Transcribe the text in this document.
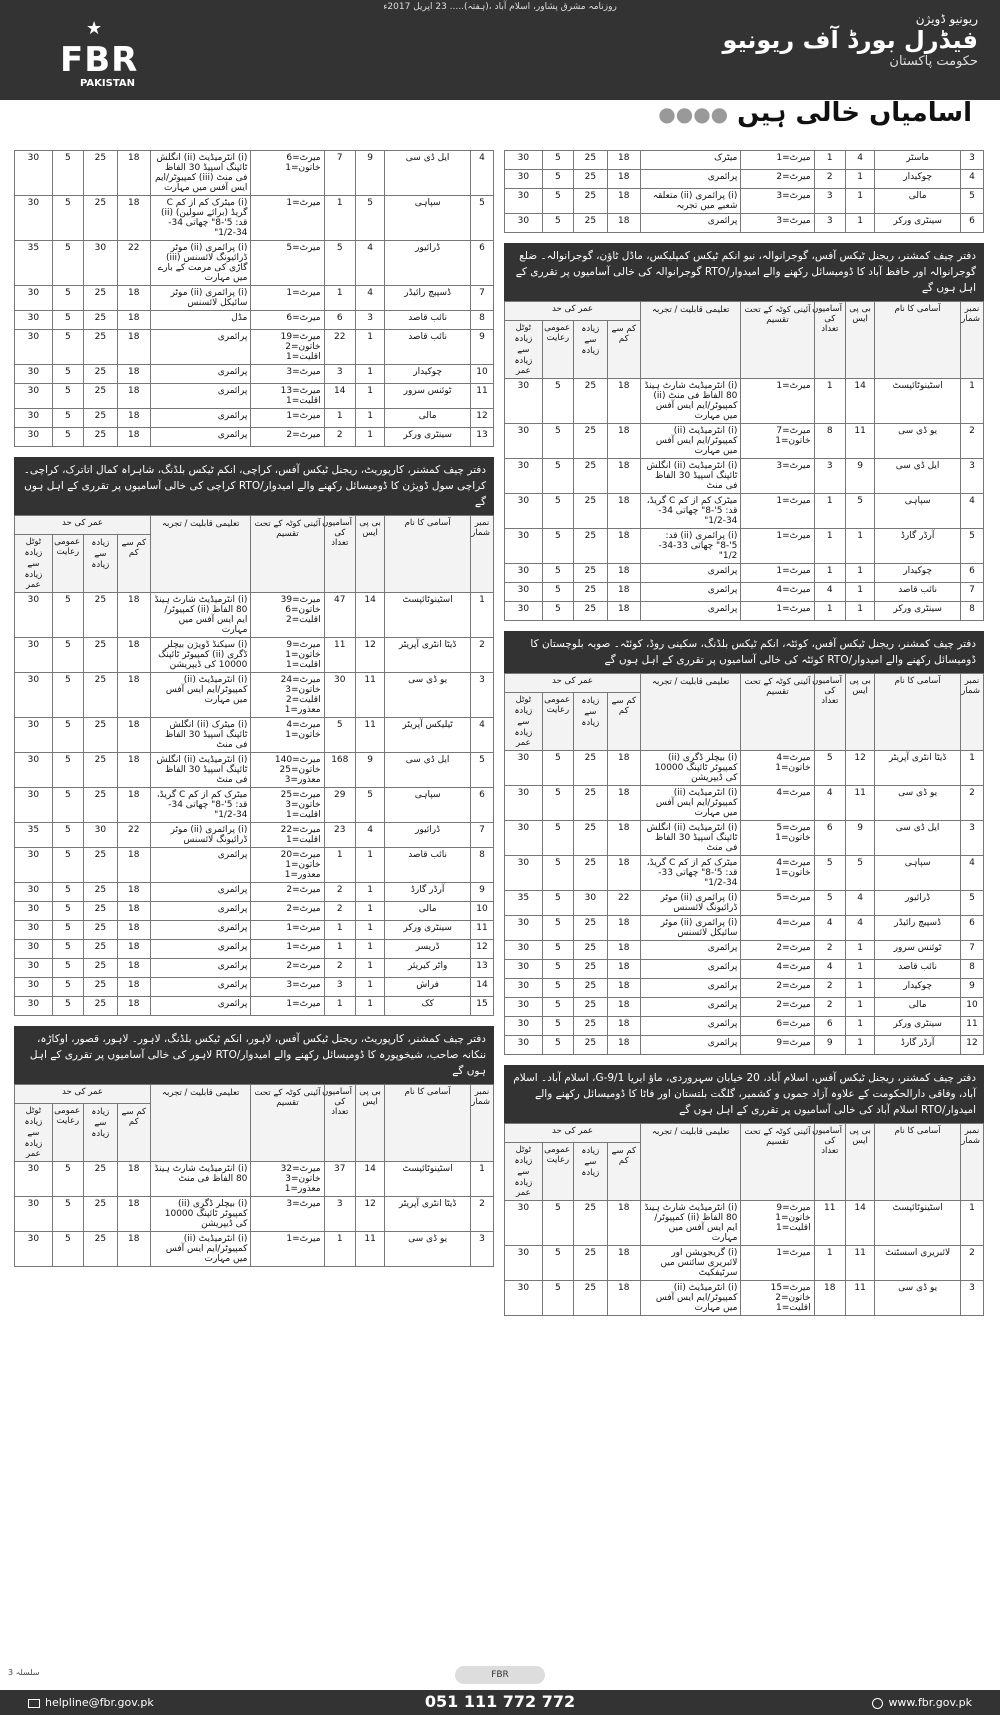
روزنامہ مشرق پشاور، اسلام آباد ،(ہفتہ)..... 23 اپریل 2017ء
★
FBR
PAKISTAN
ریونیو ڈویژن
فیڈرل بورڈ آف ریونیو
حکومت پاکستان
●●●● اسامیاں خالی ہیں
4	ایل ڈی سی	9	7	میرٹ=6 خاتون=1	(i) انٹرمیڈیٹ (ii) انگلش ٹائپنگ اسپیڈ 30 الفاظ فی منٹ (iii) کمپیوٹر/ایم ایس آفس میں مہارت	18	25	5	30
5	سپاہی	5	1	میرٹ=1	(i) میٹرک کم از کم C گریڈ (برائے سولین) (ii) قد: 5'-8" چھاتی 34-34-1/2"	18	25	5	30
6	ڈرائیور	4	5	میرٹ=5	(i) پرائمری (ii) موٹر ڈرائیونگ لائسنس (iii) گاڑی کی مرمت کے بارے میں مہارت	22	30	5	35
7	ڈسپیچ رائیڈر	4	1	میرٹ=1	(i) پرائمری (ii) موٹر سائیکل لائسنس	18	25	5	30
8	نائب قاصد	3	6	میرٹ=6	مڈل	18	25	5	30
9	نائب قاصد	1	22	میرٹ=19 خاتون=2 اقلیت=1	پرائمری	18	25	5	30
10	چوکیدار	1	3	میرٹ=3	پرائمری	18	25	5	30
11	ٹوئنس سرور	1	14	میرٹ=13 اقلیت=1	پرائمری	18	25	5	30
12	مالی	1	1	میرٹ=1	پرائمری	18	25	5	30
13	سینٹری ورکر	1	2	میرٹ=2	پرائمری	18	25	5	30
دفتر چیف کمشنر، کارپوریٹ، ریجنل ٹیکس آفس، کراچی، انکم ٹیکس بلڈنگ، شاہراہ کمال اتاترک، کراچی۔ کراچی سول ڈویژن کا ڈومیسائل رکھنے والے امیدوار/RTO کراچی کی خالی آسامیوں پر تقرری کے اہل ہوں گے
نمبر شمار	آسامی کا نام	بی پی ایس	آسامیوں کی تعداد	آئینی کوٹہ کے تحت تقسیم	تعلیمی قابلیت / تجربہ	عمر کی حد			
						کم سے کم	زیادہ سے زیادہ	عمومی رعایت	ٹوٹل زیادہ سے زیادہ عمر
1	اسٹینوٹائپسٹ	14	47	میرٹ=39 خاتون=6 اقلیت=2	(i) انٹرمیڈیٹ شارٹ ہینڈ 80 الفاظ (ii) کمپیوٹر/ایم ایس آفس میں مہارت	18	25	5	30
2	ڈیٹا انٹری آپریٹر	12	11	میرٹ=9 خاتون=1 اقلیت=1	(i) سیکنڈ ڈویژن بیچلر ڈگری (ii) کمپیوٹر ٹائپنگ 10000 کی ڈیپریشن	18	25	5	30
3	یو ڈی سی	11	30	میرٹ=24 خاتون=3 اقلیت=2 معذور=1	(i) انٹرمیڈیٹ (ii) کمپیوٹر/ایم ایس آفس میں مہارت	18	25	5	30
4	ٹیلیکس آپریٹر	11	5	میرٹ=4 خاتون=1	(i) میٹرک (ii) انگلش ٹائپنگ اسپیڈ 30 الفاظ فی منٹ	18	25	5	30
5	ایل ڈی سی	9	168	میرٹ=140 خاتون=25 معذور=3	(i) انٹرمیڈیٹ (ii) انگلش ٹائپنگ اسپیڈ 30 الفاظ فی منٹ	18	25	5	30
6	سپاہی	5	29	میرٹ=25 خاتون=3 اقلیت=1	میٹرک کم از کم C گریڈ، قد: 5'-8" چھاتی 34-34-1/2"	18	25	5	30
7	ڈرائیور	4	23	میرٹ=22 اقلیت=1	(i) پرائمری (ii) موٹر ڈرائیونگ لائسنس	22	30	5	35
8	نائب قاصد	1	1	میرٹ=20 خاتون=1 معذور=1	پرائمری	18	25	5	30
9	آرڈر گارڈ	1	2	میرٹ=2	پرائمری	18	25	5	30
10	مالی	1	2	میرٹ=2	پرائمری	18	25	5	30
11	سینٹری ورکر	1	1	میرٹ=1	پرائمری	18	25	5	30
12	ڈریسر	1	1	میرٹ=1	پرائمری	18	25	5	30
13	واٹر کیریئر	1	2	میرٹ=2	پرائمری	18	25	5	30
14	فراش	1	3	میرٹ=3	پرائمری	18	25	5	30
15	کک	1	1	میرٹ=1	پرائمری	18	25	5	30
دفتر چیف کمشنر، کارپوریٹ، ریجنل ٹیکس آفس، لاہور، انکم ٹیکس بلڈنگ، لاہور۔ لاہور، قصور، اوکاڑہ، ننکانہ صاحب، شیخوپورہ کا ڈومیسائل رکھنے والے امیدوار/RTO لاہور کی خالی آسامیوں پر تقرری کے اہل ہوں گے
نمبر شمار	آسامی کا نام	بی پی ایس	آسامیوں کی تعداد	آئینی کوٹہ کے تحت تقسیم	تعلیمی قابلیت / تجربہ	عمر کی حد			
						کم سے کم	زیادہ سے زیادہ	عمومی رعایت	ٹوٹل زیادہ سے زیادہ عمر
1	اسٹینوٹائپسٹ	14	37	میرٹ=32 خاتون=3 معذور=1	(i) انٹرمیڈیٹ شارٹ ہینڈ 80 الفاظ فی منٹ	18	25	5	30
2	ڈیٹا انٹری آپریٹر	12	3	میرٹ=3	(i) بیچلر ڈگری (ii) کمپیوٹر ٹائپنگ 10000 کی ڈیپریشن	18	25	5	30
3	یو ڈی سی	11	1	میرٹ=1	(i) انٹرمیڈیٹ (ii) کمپیوٹر/ایم ایس آفس میں مہارت	18	25	5	30
3	ماسٹر	4	1	میرٹ=1	میٹرک	18	25	5	30
4	چوکیدار	1	2	میرٹ=2	پرائمری	18	25	5	30
5	مالی	1	3	میرٹ=3	(i) پرائمری (ii) متعلقہ شعبے میں تجربہ	18	25	5	30
6	سینٹری ورکر	1	3	میرٹ=3	پرائمری	18	25	5	30
دفتر چیف کمشنر، ریجنل ٹیکس آفس، گوجرانوالہ، نیو انکم ٹیکس کمپلیکس، ماڈل ٹاؤن، گوجرانوالہ۔ ضلع گوجرانوالہ اور حافظ آباد کا ڈومیسائل رکھنے والے امیدوار/RTO گوجرانوالہ کی خالی آسامیوں پر تقرری کے اہل ہوں گے
نمبر شمار	آسامی کا نام	بی پی ایس	آسامیوں کی تعداد	آئینی کوٹہ کے تحت تقسیم	تعلیمی قابلیت / تجربہ	عمر کی حد			
						کم سے کم	زیادہ سے زیادہ	عمومی رعایت	ٹوٹل زیادہ سے زیادہ عمر
1	اسٹینوٹائپسٹ	14	1	میرٹ=1	(i) انٹرمیڈیٹ شارٹ ہینڈ 80 الفاظ فی منٹ (ii) کمپیوٹر/ایم ایس آفس میں مہارت	18	25	5	30
2	یو ڈی سی	11	8	میرٹ=7 خاتون=1	(i) انٹرمیڈیٹ (ii) کمپیوٹر/ایم ایس آفس میں مہارت	18	25	5	30
3	ایل ڈی سی	9	3	میرٹ=3	(i) انٹرمیڈیٹ (ii) انگلش ٹائپنگ اسپیڈ 30 الفاظ فی منٹ	18	25	5	30
4	سپاہی	5	1	میرٹ=1	میٹرک کم از کم C گریڈ، قد: 5'-8" چھاتی 34-34-1/2"	18	25	5	30
5	آرڈر گارڈ	1	1	میرٹ=1	(i) پرائمری (ii) قد: 5'-8" چھاتی 33-34-1/2"	18	25	5	30
6	چوکیدار	1	1	میرٹ=1	پرائمری	18	25	5	30
7	نائب قاصد	1	4	میرٹ=4	پرائمری	18	25	5	30
8	سینٹری ورکر	1	1	میرٹ=1	پرائمری	18	25	5	30
دفتر چیف کمشنر، ریجنل ٹیکس آفس، کوئٹہ، انکم ٹیکس بلڈنگ، سکینی روڈ، کوئٹہ۔ صوبہ بلوچستان کا ڈومیسائل رکھنے والے امیدوار/RTO کوئٹہ کی خالی آسامیوں پر تقرری کے اہل ہوں گے
نمبر شمار	آسامی کا نام	بی پی ایس	آسامیوں کی تعداد	آئینی کوٹہ کے تحت تقسیم	تعلیمی قابلیت / تجربہ	عمر کی حد			
						کم سے کم	زیادہ سے زیادہ	عمومی رعایت	ٹوٹل زیادہ سے زیادہ عمر
1	ڈیٹا انٹری آپریٹر	12	5	میرٹ=4 خاتون=1	(i) بیچلر ڈگری (ii) کمپیوٹر ٹائپنگ 10000 کی ڈیپریشن	18	25	5	30
2	یو ڈی سی	11	4	میرٹ=4	(i) انٹرمیڈیٹ (ii) کمپیوٹر/ایم ایس آفس میں مہارت	18	25	5	30
3	ایل ڈی سی	9	6	میرٹ=5 خاتون=1	(i) انٹرمیڈیٹ (ii) انگلش ٹائپنگ اسپیڈ 30 الفاظ فی منٹ	18	25	5	30
4	سپاہی	5	5	میرٹ=4 خاتون=1	میٹرک کم از کم C گریڈ، قد: 5'-8" چھاتی 33-34-1/2"	18	25	5	30
5	ڈرائیور	4	5	میرٹ=5	(i) پرائمری (ii) موٹر ڈرائیونگ لائسنس	22	30	5	35
6	ڈسپیچ رائیڈر	4	4	میرٹ=4	(i) پرائمری (ii) موٹر سائیکل لائسنس	18	25	5	30
7	ٹوئنس سرور	1	2	میرٹ=2	پرائمری	18	25	5	30
8	نائب قاصد	1	4	میرٹ=4	پرائمری	18	25	5	30
9	چوکیدار	1	2	میرٹ=2	پرائمری	18	25	5	30
10	مالی	1	2	میرٹ=2	پرائمری	18	25	5	30
11	سینٹری ورکر	1	6	میرٹ=6	پرائمری	18	25	5	30
12	آرڈر گارڈ	1	9	میرٹ=9	پرائمری	18	25	5	30
دفتر چیف کمشنر، ریجنل ٹیکس آفس، اسلام آباد، 20 خیابان سہروردی، ماؤ ایریا G-9/1، اسلام آباد۔ اسلام آباد، وفاقی دارالحکومت کے علاوہ آزاد جموں و کشمیر، گلگت بلتستان اور فاٹا کا ڈومیسائل رکھنے والے امیدوار/RTO اسلام آباد کی خالی آسامیوں پر تقرری کے اہل ہوں گے
نمبر شمار	آسامی کا نام	بی پی ایس	آسامیوں کی تعداد	آئینی کوٹہ کے تحت تقسیم	تعلیمی قابلیت / تجربہ	عمر کی حد			
						کم سے کم	زیادہ سے زیادہ	عمومی رعایت	ٹوٹل زیادہ سے زیادہ عمر
1	اسٹینوٹائپسٹ	14	11	میرٹ=9 خاتون=1 اقلیت=1	(i) انٹرمیڈیٹ شارٹ ہینڈ 80 الفاظ (ii) کمپیوٹر/ایم ایس آفس میں مہارت	18	25	5	30
2	لائبریری اسسٹنٹ	11	1	میرٹ=1	(i) گریجویشن اور لائبریری سائنس میں سرٹیفکیٹ	18	25	5	30
3	یو ڈی سی	11	18	میرٹ=15 خاتون=2 اقلیت=1	(i) انٹرمیڈیٹ (ii) کمپیوٹر/ایم ایس آفس میں مہارت	18	25	5	30
سلسلہ 3	FBR
helpline@fbr.gov.pk	051 111 772 772	www.fbr.gov.pk
